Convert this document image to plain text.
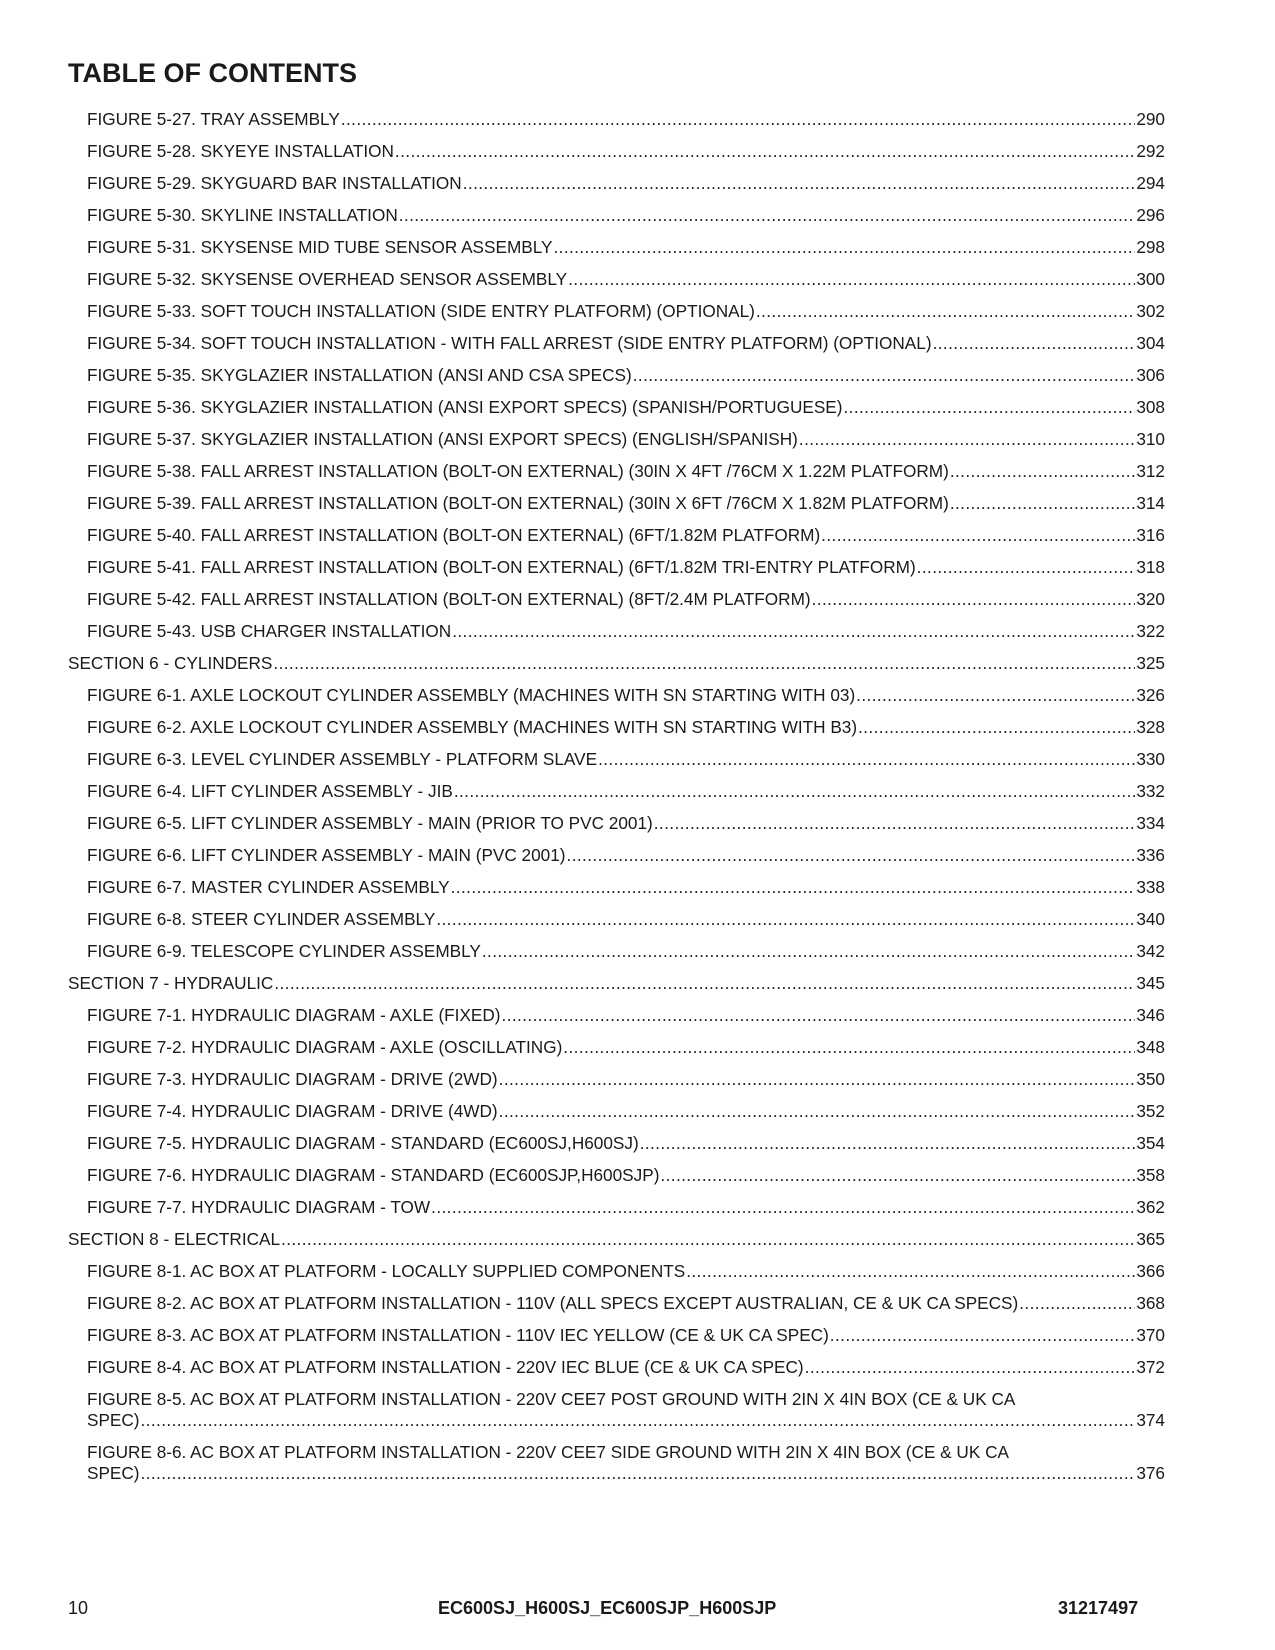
TABLE OF CONTENTS
FIGURE 5-27. TRAY ASSEMBLY .....	290
FIGURE 5-28. SKYEYE INSTALLATION .....	292
FIGURE 5-29. SKYGUARD BAR INSTALLATION .....	294
FIGURE 5-30. SKYLINE INSTALLATION .....	296
FIGURE 5-31. SKYSENSE MID TUBE SENSOR ASSEMBLY .....	298
FIGURE 5-32. SKYSENSE OVERHEAD SENSOR ASSEMBLY .....	300
FIGURE 5-33. SOFT TOUCH INSTALLATION (SIDE ENTRY PLATFORM) (OPTIONAL) .....	302
FIGURE 5-34. SOFT TOUCH INSTALLATION - WITH FALL ARREST (SIDE ENTRY PLATFORM) (OPTIONAL) .....	304
FIGURE 5-35. SKYGLAZIER INSTALLATION (ANSI AND CSA SPECS) .....	306
FIGURE 5-36. SKYGLAZIER INSTALLATION (ANSI EXPORT SPECS) (SPANISH/PORTUGUESE) .....	308
FIGURE 5-37. SKYGLAZIER INSTALLATION (ANSI EXPORT SPECS) (ENGLISH/SPANISH) .....	310
FIGURE 5-38. FALL ARREST INSTALLATION (BOLT-ON EXTERNAL) (30IN X 4FT /76CM X 1.22M PLATFORM) .....	312
FIGURE 5-39. FALL ARREST INSTALLATION (BOLT-ON EXTERNAL) (30IN X 6FT /76CM X 1.82M PLATFORM) .....	314
FIGURE 5-40. FALL ARREST INSTALLATION (BOLT-ON EXTERNAL) (6FT/1.82M PLATFORM) .....	316
FIGURE 5-41. FALL ARREST INSTALLATION (BOLT-ON EXTERNAL) (6FT/1.82M TRI-ENTRY PLATFORM) .....	318
FIGURE 5-42. FALL ARREST INSTALLATION (BOLT-ON EXTERNAL) (8FT/2.4M PLATFORM) .....	320
FIGURE 5-43. USB CHARGER INSTALLATION .....	322
SECTION 6 - CYLINDERS .....	325
FIGURE 6-1. AXLE LOCKOUT CYLINDER ASSEMBLY (MACHINES WITH SN STARTING WITH 03) .....	326
FIGURE 6-2. AXLE LOCKOUT CYLINDER ASSEMBLY (MACHINES WITH SN STARTING WITH B3) .....	328
FIGURE 6-3. LEVEL CYLINDER ASSEMBLY - PLATFORM SLAVE .....	330
FIGURE 6-4. LIFT CYLINDER ASSEMBLY - JIB .....	332
FIGURE 6-5. LIFT CYLINDER ASSEMBLY - MAIN (PRIOR TO PVC 2001) .....	334
FIGURE 6-6. LIFT CYLINDER ASSEMBLY - MAIN (PVC 2001) .....	336
FIGURE 6-7. MASTER CYLINDER ASSEMBLY .....	338
FIGURE 6-8. STEER CYLINDER ASSEMBLY .....	340
FIGURE 6-9. TELESCOPE CYLINDER ASSEMBLY .....	342
SECTION 7 - HYDRAULIC .....	345
FIGURE 7-1. HYDRAULIC DIAGRAM - AXLE (FIXED) .....	346
FIGURE 7-2. HYDRAULIC DIAGRAM - AXLE (OSCILLATING) .....	348
FIGURE 7-3. HYDRAULIC DIAGRAM - DRIVE (2WD) .....	350
FIGURE 7-4. HYDRAULIC DIAGRAM - DRIVE (4WD) .....	352
FIGURE 7-5. HYDRAULIC DIAGRAM - STANDARD (EC600SJ,H600SJ) .....	354
FIGURE 7-6. HYDRAULIC DIAGRAM - STANDARD (EC600SJP,H600SJP) .....	358
FIGURE 7-7. HYDRAULIC DIAGRAM - TOW .....	362
SECTION 8 - ELECTRICAL .....	365
FIGURE 8-1. AC BOX AT PLATFORM - LOCALLY SUPPLIED COMPONENTS .....	366
FIGURE 8-2. AC BOX AT PLATFORM INSTALLATION - 110V (ALL SPECS EXCEPT AUSTRALIAN, CE & UK CA SPECS) .....	368
FIGURE 8-3. AC BOX AT PLATFORM INSTALLATION - 110V IEC YELLOW (CE & UK CA SPEC) .....	370
FIGURE 8-4. AC BOX AT PLATFORM INSTALLATION - 220V IEC BLUE (CE & UK CA SPEC) .....	372
FIGURE 8-5. AC BOX AT PLATFORM INSTALLATION - 220V CEE7 POST GROUND WITH 2IN X 4IN BOX (CE & UK CA
SPEC) .....	374
FIGURE 8-6. AC BOX AT PLATFORM INSTALLATION - 220V CEE7 SIDE GROUND WITH 2IN X 4IN BOX (CE & UK CA
SPEC) .....	376
10	EC600SJ_H600SJ_EC600SJP_H600SJP	31217497
